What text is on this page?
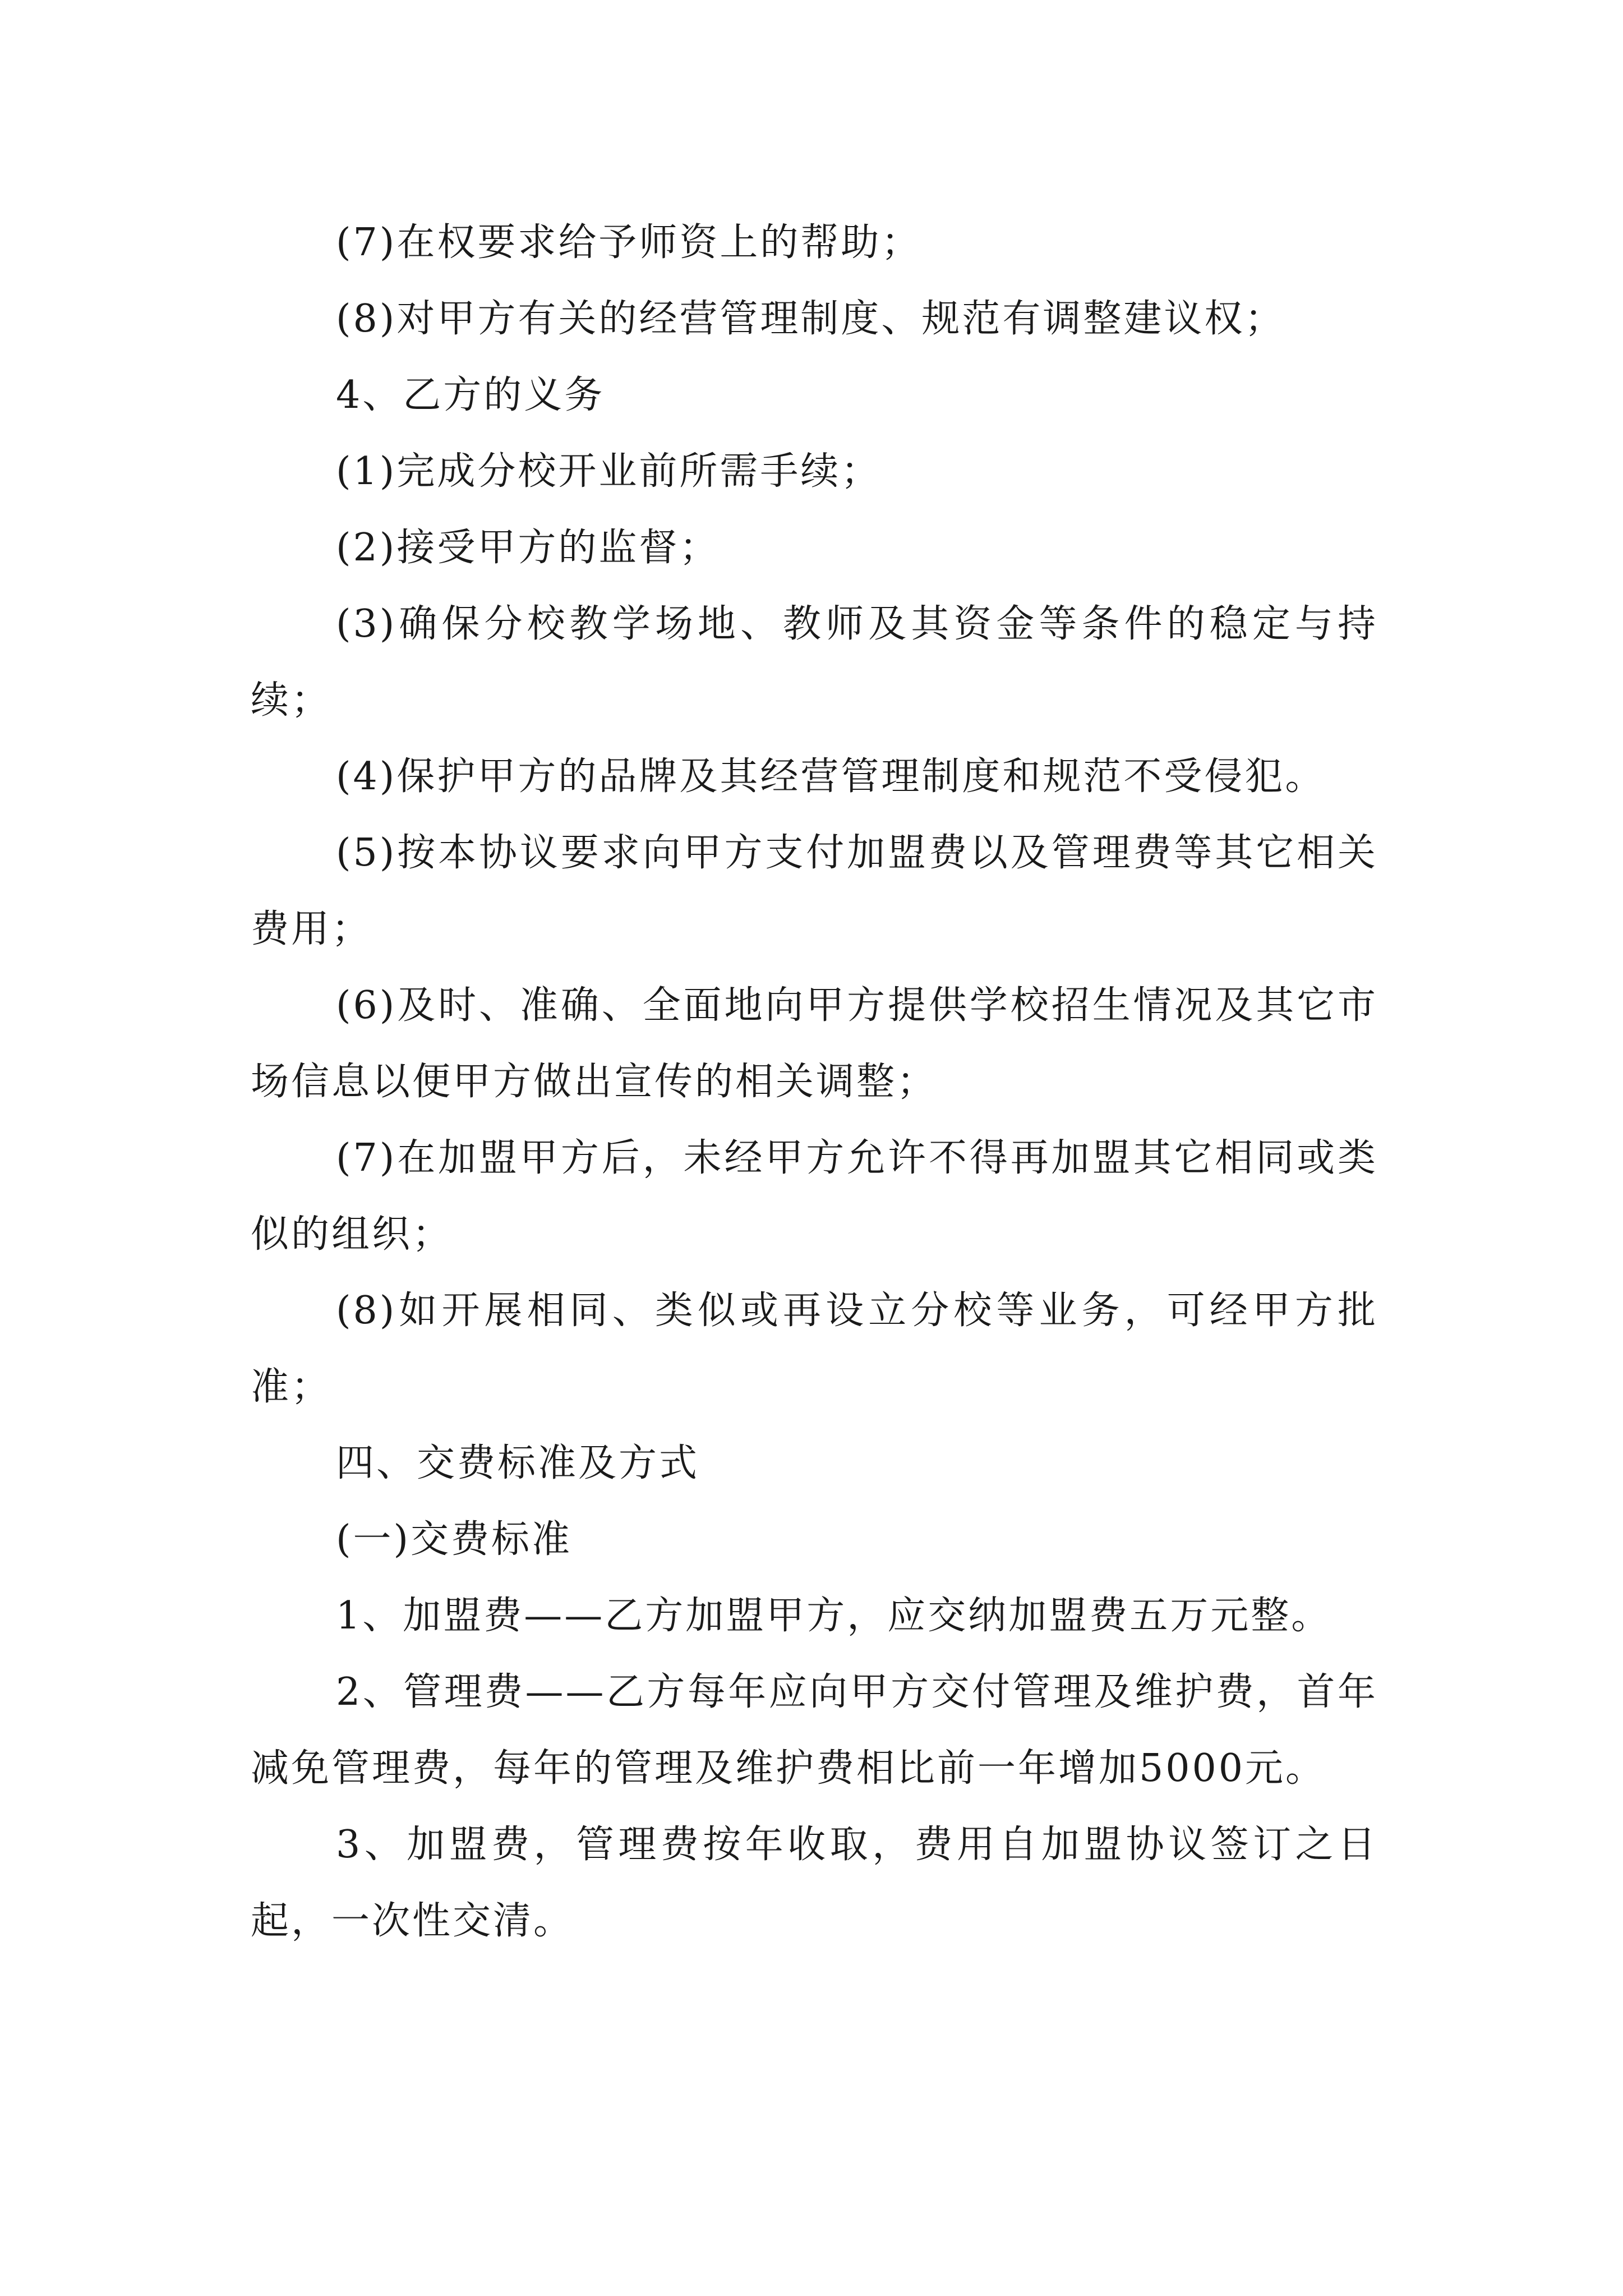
(7)在权要求给予师资上的帮助；

(8)对甲方有关的经营管理制度、规范有调整建议权；

4、乙方的义务

(1)完成分校开业前所需手续；

(2)接受甲方的监督；

(3)确保分校教学场地、教师及其资金等条件的稳定与持续；

(4)保护甲方的品牌及其经营管理制度和规范不受侵犯。

(5)按本协议要求向甲方支付加盟费以及管理费等其它相关费用；

(6)及时、准确、全面地向甲方提供学校招生情况及其它市场信息以便甲方做出宣传的相关调整；

(7)在加盟甲方后，未经甲方允许不得再加盟其它相同或类似的组织；

(8)如开展相同、类似或再设立分校等业务，可经甲方批准；

四、交费标准及方式

(一)交费标准

1、加盟费——乙方加盟甲方，应交纳加盟费五万元整。

2、管理费——乙方每年应向甲方交付管理及维护费，首年减免管理费，每年的管理及维护费相比前一年增加5000元。

3、加盟费，管理费按年收取，费用自加盟协议签订之日起，一次性交清。
